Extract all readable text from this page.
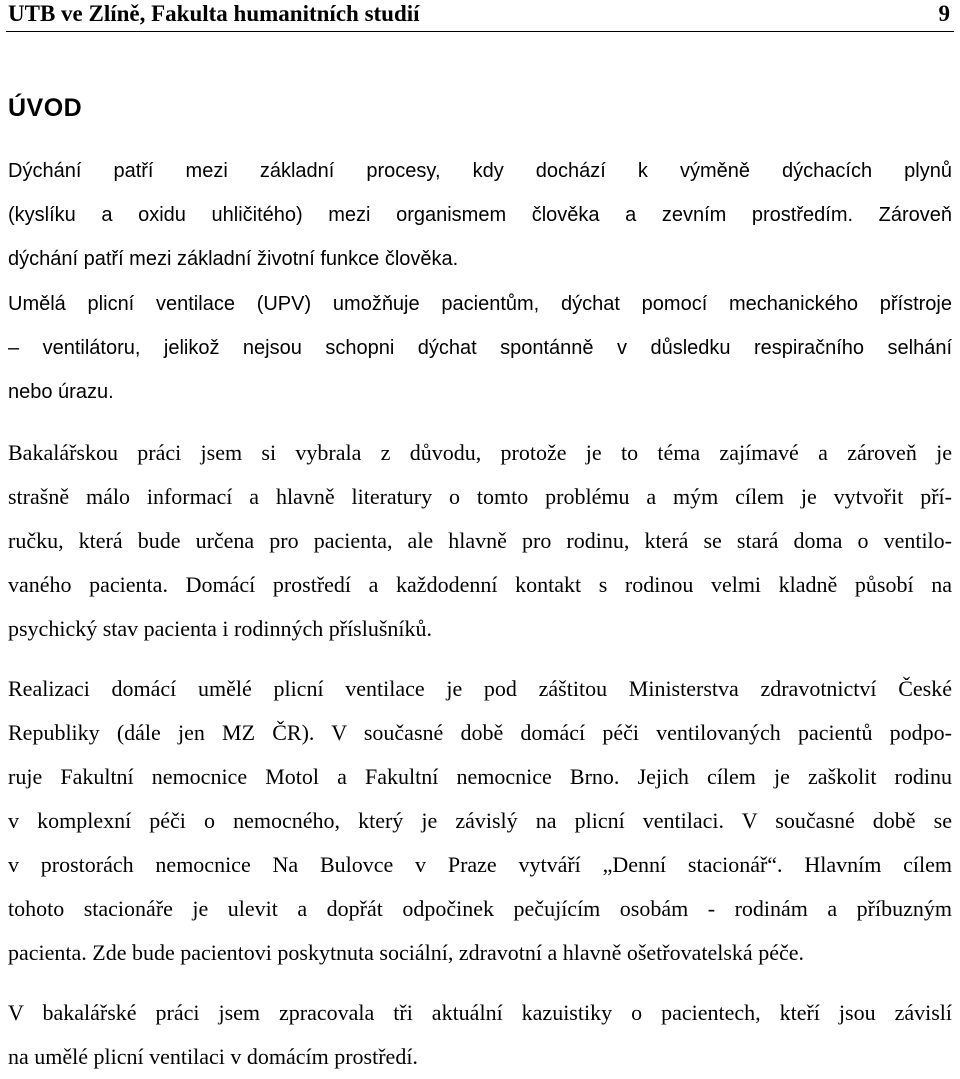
UTB ve Zlíně, Fakulta humanitních studií	9
ÚVOD
Dýchání patří mezi základní procesy, kdy dochází k výměně dýchacích plynů
(kyslíku a oxidu uhličitého) mezi organismem člověka a zevním prostředím. Zároveň
dýchání patří mezi základní životní funkce člověka.
Umělá plicní ventilace (UPV) umožňuje pacientům, dýchat pomocí mechanického přístroje
– ventilátoru, jelikož nejsou schopni dýchat spontánně v důsledku respiračního selhání
nebo úrazu.
Bakalářskou práci jsem si vybrala z důvodu, protože je to téma zajímavé a zároveň je
strašně málo informací a hlavně literatury o tomto problému a mým cílem je vytvořit pří-
ručku, která bude určena pro pacienta, ale hlavně pro rodinu, která se stará doma o ventilo-
vaného pacienta. Domácí prostředí a každodenní kontakt s rodinou velmi kladně působí na
psychický stav pacienta i rodinných příslušníků.
Realizaci domácí umělé plicní ventilace je pod záštitou Ministerstva zdravotnictví České
Republiky (dále jen MZ ČR). V současné době domácí péči ventilovaných pacientů podpo-
ruje Fakultní nemocnice Motol a Fakultní nemocnice Brno. Jejich cílem je zaškolit rodinu
v komplexní péči o nemocného, který je závislý na plicní ventilaci. V současné době se
v prostorách nemocnice Na Bulovce v Praze vytváří „Denní stacionář“. Hlavním cílem
tohoto stacionáře je ulevit a dopřát odpočinek pečujícím osobám - rodinám a příbuzným
pacienta. Zde bude pacientovi poskytnuta sociální, zdravotní a hlavně ošetřovatelská péče.
V bakalářské práci jsem zpracovala tři aktuální kazuistiky o pacientech, kteří jsou závislí
na umělé plicní ventilaci v domácím prostředí.
